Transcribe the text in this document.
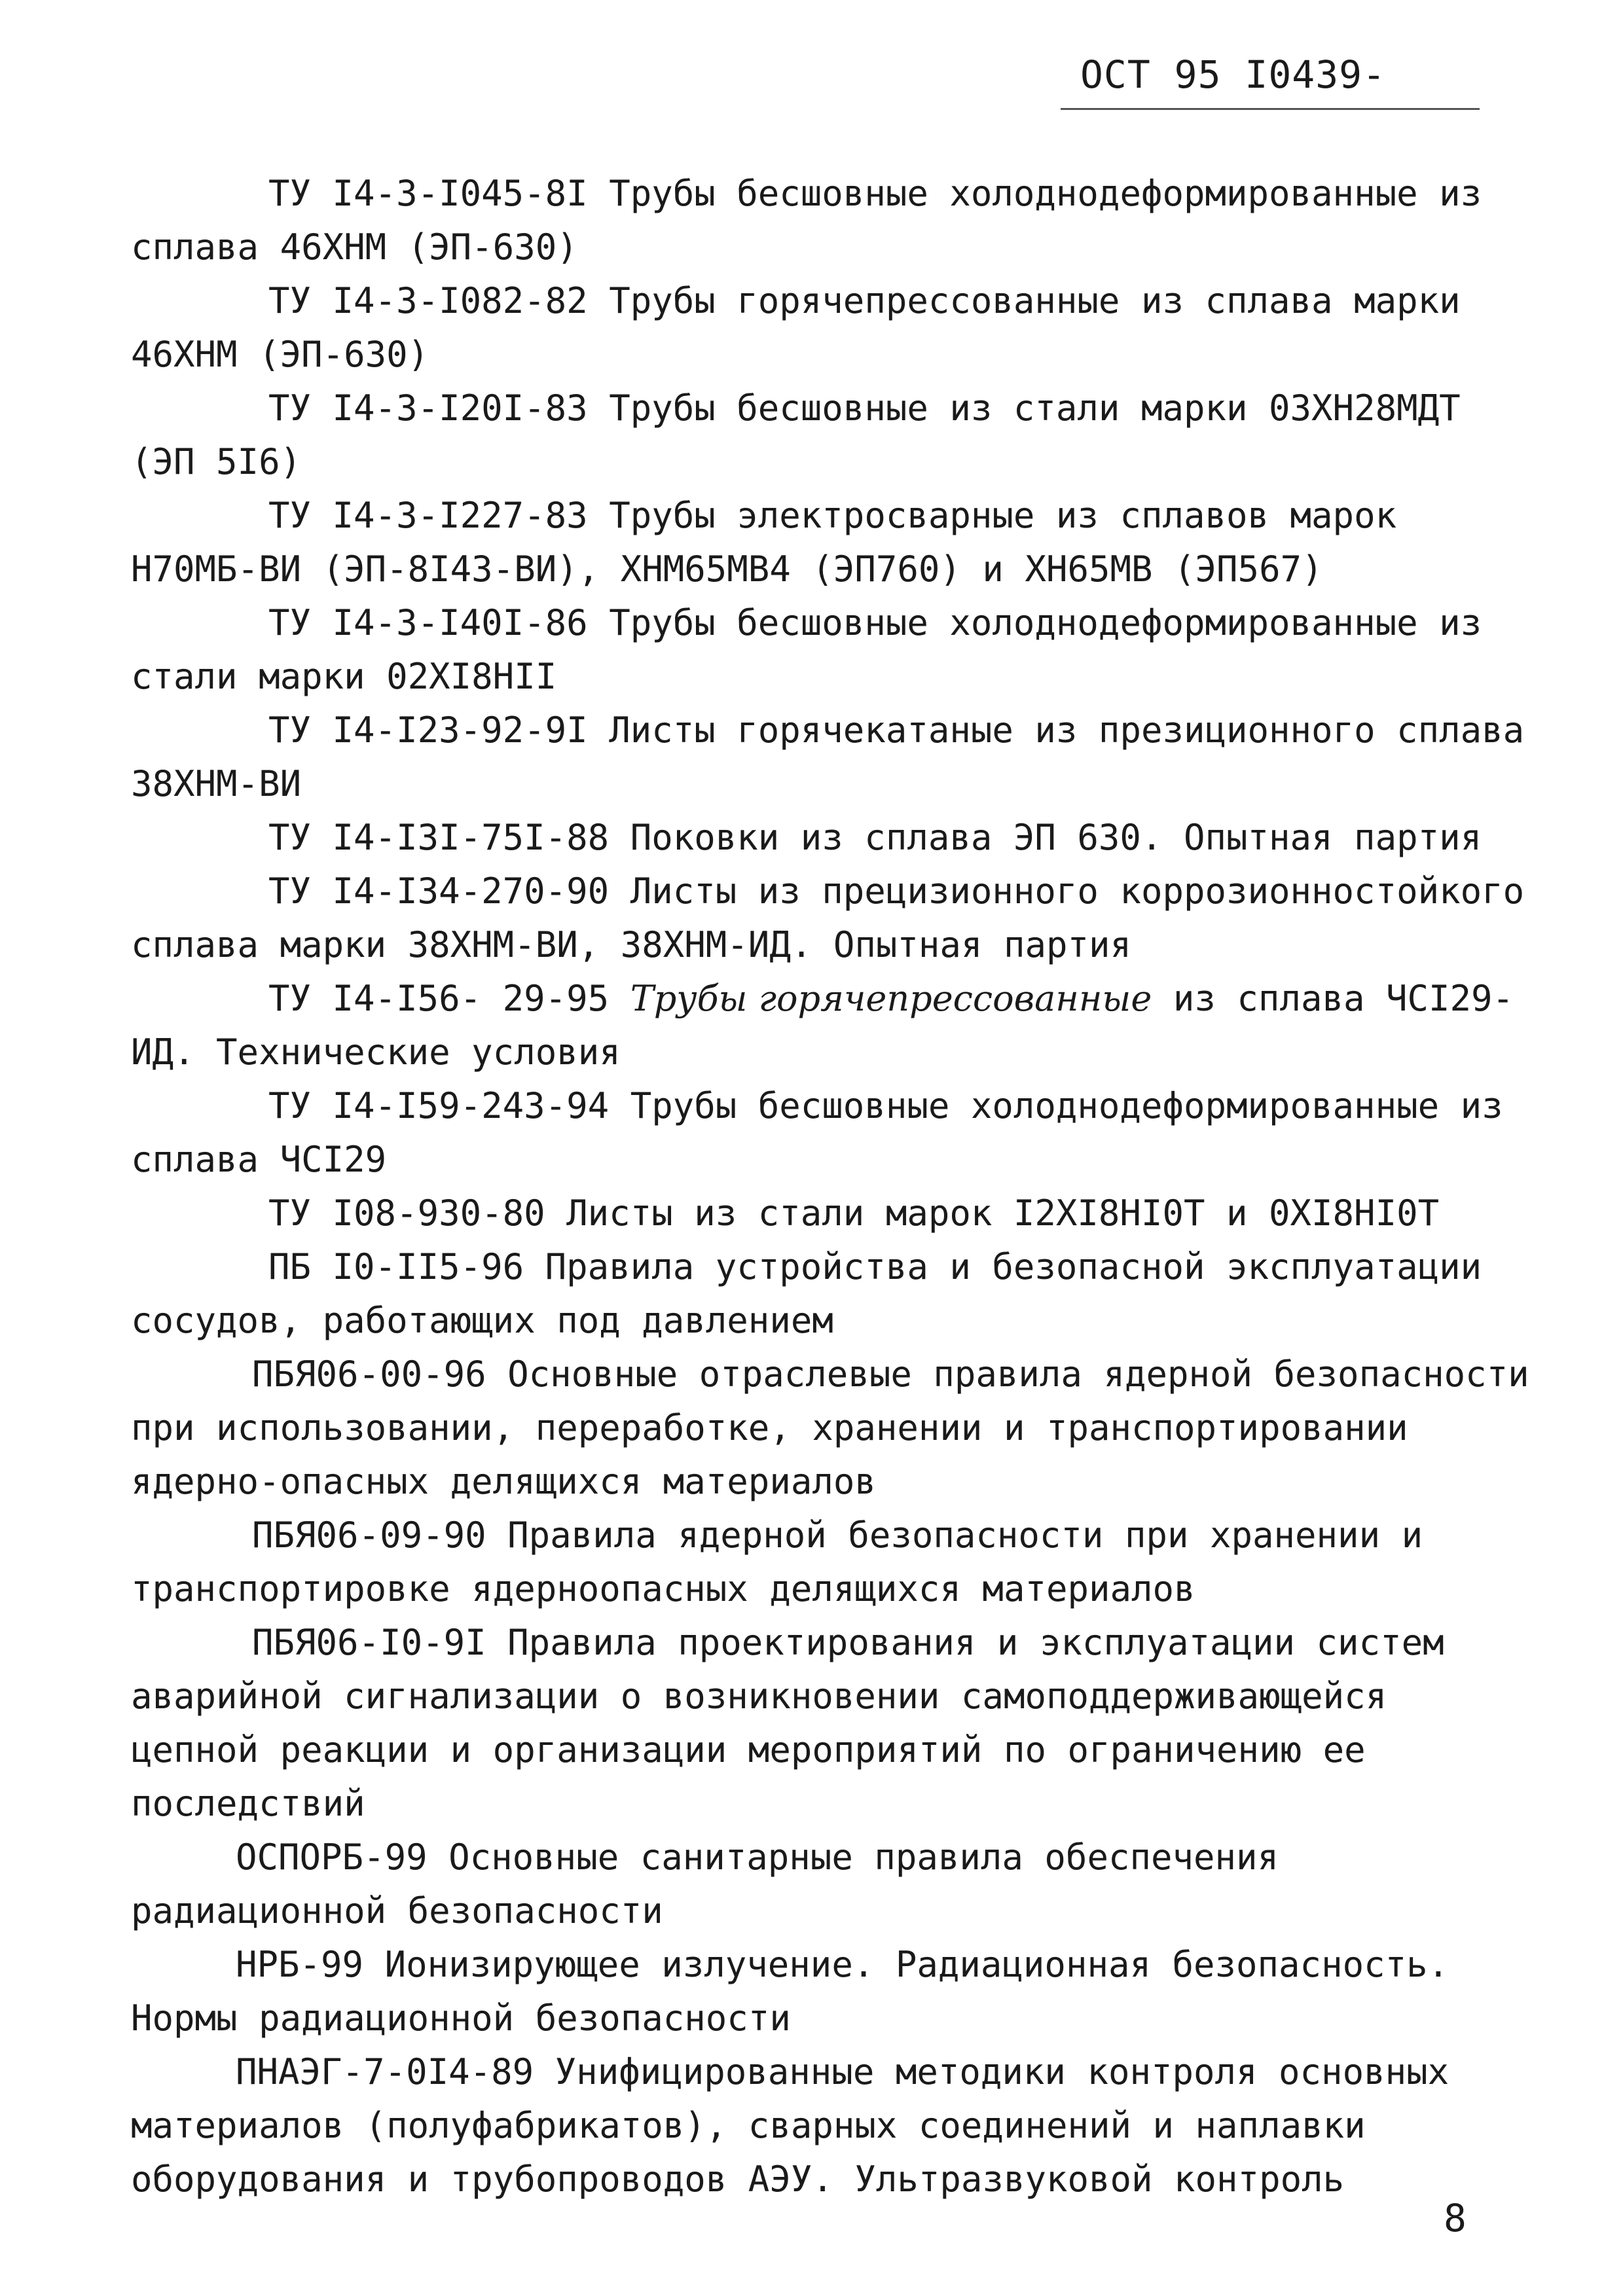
ОСТ 95 I0439-

ТУ I4-3-I045-8I Трубы бесшовные холоднодеформированные из сплава 46ХНМ (ЭП-630)

ТУ I4-3-I082-82 Трубы горячепрессованные из сплава марки 46ХНМ (ЭП-630)

ТУ I4-3-I20I-83 Трубы бесшовные из стали марки 03ХН28МДТ (ЭП 5I6)

ТУ I4-3-I227-83 Трубы электросварные из сплавов марок Н70МБ-ВИ (ЭП-8I43-ВИ), ХНМ65МВ4 (ЭП760) и ХН65МВ (ЭП567)

ТУ I4-3-I40I-86 Трубы бесшовные холоднодеформированные из стали марки 02ХI8НII

ТУ I4-I23-92-9I Листы горячекатаные из презиционного сплава 38ХНМ-ВИ

ТУ I4-I3I-75I-88 Поковки из сплава ЭП 630. Опытная партия

ТУ I4-I34-270-90 Листы из прецизионного коррозионностойкого сплава марки 38ХНМ-ВИ, 38ХНМ-ИД. Опытная партия

ТУ I4-I56- 29-95 Трубы горячепрессованные из сплава ЧСI29-ИД. Технические условия

ТУ I4-I59-243-94 Трубы бесшовные холоднодеформированные из сплава ЧСI29

ТУ I08-930-80 Листы из стали марок I2ХI8НI0Т и 0ХI8НI0Т

ПБ I0-II5-96 Правила устройства и безопасной эксплуатации сосудов, работающих под давлением

ПБЯ06-00-96 Основные отраслевые правила ядерной безопасности при использовании, переработке, хранении и транспортировании ядерно-опасных делящихся материалов

ПБЯ06-09-90 Правила ядерной безопасности при хранении и транспортировке ядерноопасных делящихся материалов

ПБЯ06-I0-9I Правила проектирования и эксплуатации систем аварийной сигнализации о возникновении самоподдерживающейся цепной реакции и организации мероприятий по ограничению ее последствий

ОСПОРБ-99 Основные санитарные правила обеспечения радиационной безопасности

НРБ-99 Ионизирующее излучение. Радиационная безопасность. Нормы радиационной безопасности

ПНАЭГ-7-0I4-89 Унифицированные методики контроля основных материалов (полуфабрикатов), сварных соединений и наплавки оборудования и трубопроводов АЭУ. Ультразвуковой контроль

8
